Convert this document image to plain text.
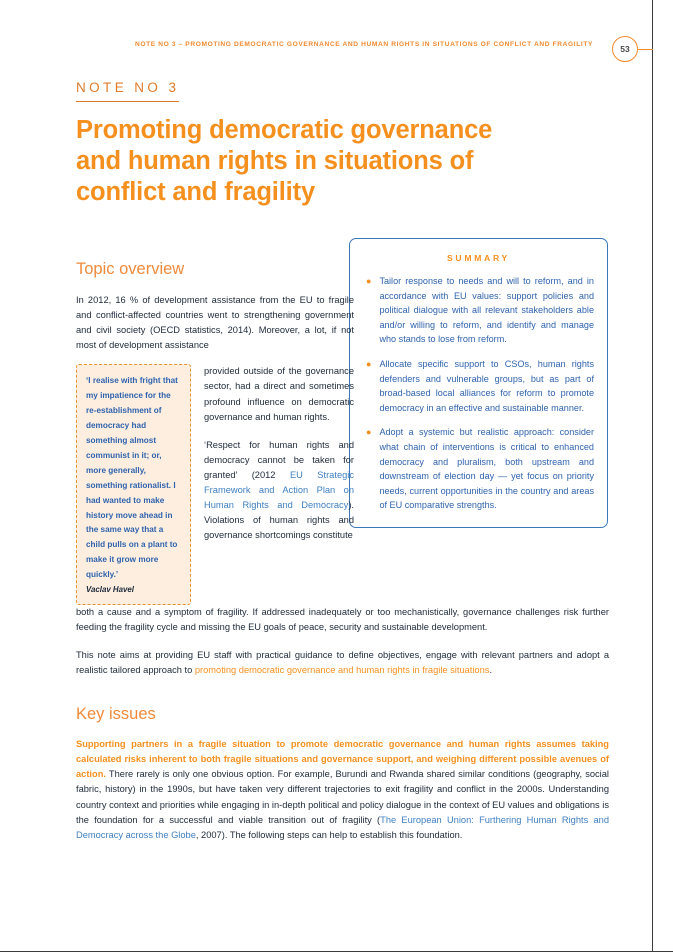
NOTE NO 3 – PROMOTING DEMOCRATIC GOVERNANCE AND HUMAN RIGHTS IN SITUATIONS OF CONFLICT AND FRAGILITY	53
SUMMARY
● Tailor response to needs and will to reform, and in accordance with EU values: support policies and political dialogue with all relevant stakeholders able and/or willing to reform, and identify and manage who stands to lose from reform.
● Allocate specific support to CSOs, human rights defenders and vulnerable groups, but as part of broad-based local alliances for reform to promote democracy in an effective and sustainable manner.
● Adopt a systemic but realistic approach: consider what chain of interventions is critical to enhanced democracy and pluralism, both upstream and downstream of election day — yet focus on priority needs, current opportunities in the country and areas of EU comparative strengths.
NOTE NO 3
Promoting democratic governance and human rights in situations of conflict and fragility
Topic overview

In 2012, 16 % of development assistance from the EU to fragile and conflict-affected countries went to strengthening government and civil society (OECD statistics, 2014). Moreover, a lot, if not most of development assistance

‘I realise with fright that my impatience for the re-establishment of democracy had something almost communist in it; or, more generally, something rationalist. I had wanted to make history move ahead in the same way that a child pulls on a plant to make it grow more quickly.’

Vaclav Havel

provided outside of the governance sector, had a direct and sometimes profound influence on democratic governance and human rights.

‘Respect for human rights and democracy cannot be taken for granted’ (2012 EU Strategic Framework and Action Plan on Human Rights and Democracy). Violations of human rights and governance shortcomings constitute

both a cause and a symptom of fragility. If addressed inadequately or too mechanistically, governance challenges risk further feeding the fragility cycle and missing the EU goals of peace, security and sustainable development.

This note aims at providing EU staff with practical guidance to define objectives, engage with relevant partners and adopt a realistic tailored approach to promoting democratic governance and human rights in fragile situations.

Key issues

Supporting partners in a fragile situation to promote democratic governance and human rights assumes taking calculated risks inherent to both fragile situations and governance support, and weighing different possible avenues of action. There rarely is only one obvious option. For example, Burundi and Rwanda shared similar conditions (geography, social fabric, history) in the 1990s, but have taken very different trajectories to exit fragility and conflict in the 2000s. Understanding country context and priorities while engaging in in-depth political and policy dialogue in the context of EU values and obligations is the foundation for a successful and viable transition out of fragility (The European Union: Furthering Human Rights and Democracy across the Globe, 2007). The following steps can help to establish this foundation.
